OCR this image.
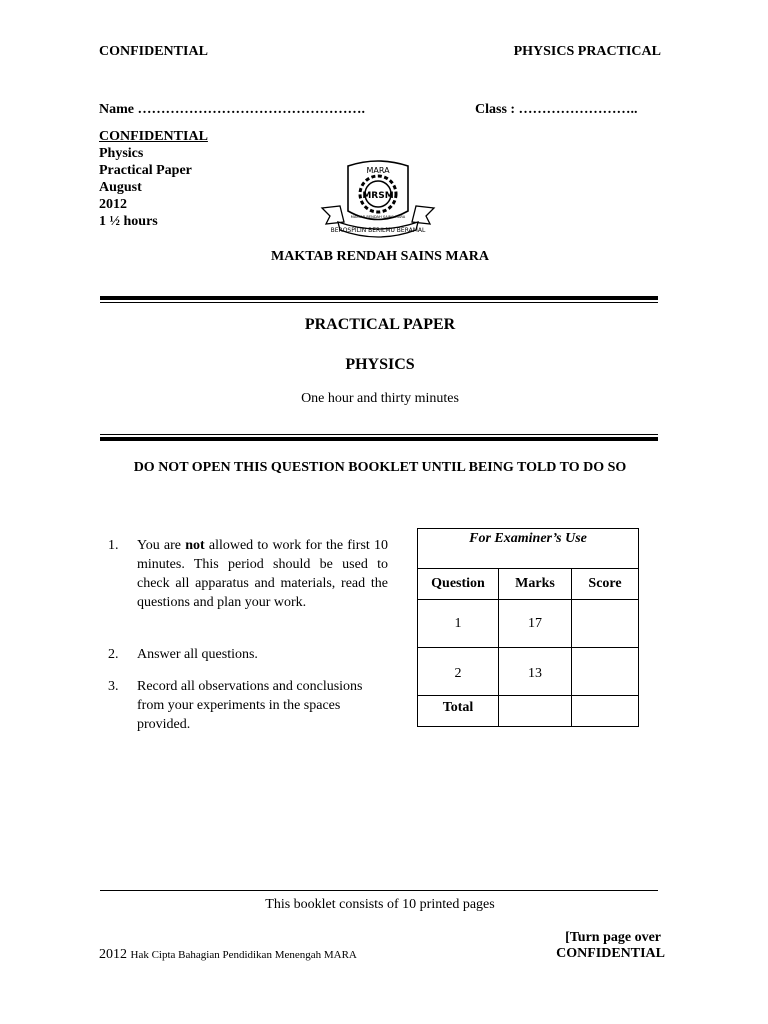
CONFIDENTIAL	PHYSICS PRACTICAL
Name ………………………………………….	Class : ……………………..
CONFIDENTIAL
Physics
Practical Paper
August
2012
1 ½ hours
MARA
MRSM
MAKTAB RENDAH SAINS MARA
BEROSPILIN BERILMU BERAMAL
MAKTAB RENDAH SAINS MARA
PRACTICAL PAPER
PHYSICS
One hour and thirty minutes
DO NOT OPEN THIS QUESTION BOOKLET UNTIL BEING TOLD TO DO SO
1. You are not allowed to work for the first 10 minutes. This period should be used to check all apparatus and materials, read the questions and plan your work.
2. Answer all questions.
3. Record all observations and conclusions from your experiments in the spaces provided.
For Examiner’s Use		
Question	Marks	Score
1	17	
2	13	
Total		
This booklet consists of 10 printed pages
[Turn page over
CONFIDENTIAL
2012 Hak Cipta Bahagian Pendidikan Menengah MARA
